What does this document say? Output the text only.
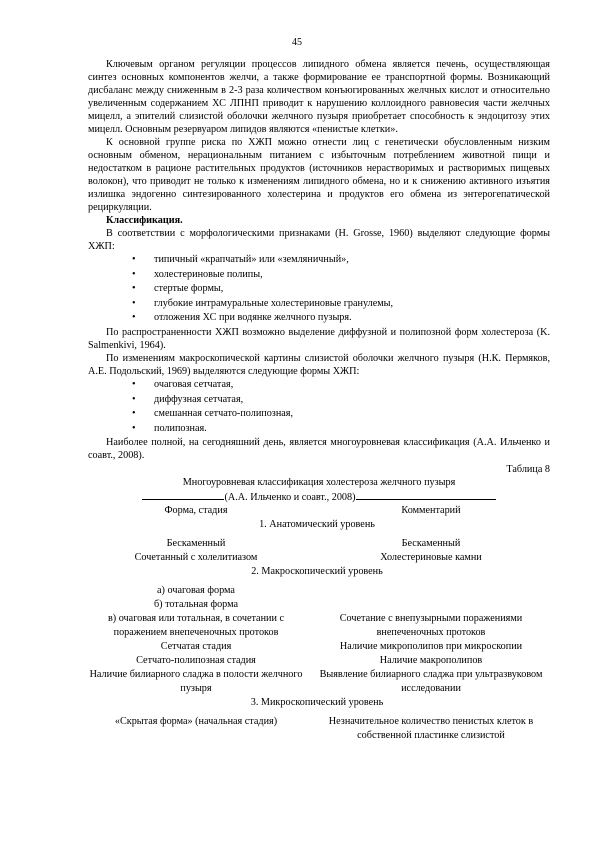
45

Ключевым органом регуляции процессов липидного обмена является печень, осуществляющая синтез основных компонентов желчи, а также формирование ее транспортной формы. Возникающий дисбаланс между сниженным в 2-3 раза количеством конъюгированных желчных кислот и относительно увеличенным содержанием ХС ЛПНП приводит к нарушению коллоидного равновесия части желчных мицелл, а эпителий слизистой оболочки желчного пузыря приобретает способность к эндоцитозу этих мицелл. Основным резервуаром липидов являются «пенистые клетки».

К основной группе риска по ХЖП можно отнести лиц с генетически обусловленным низким основным обменом, нерациональным питанием с избыточным потреблением животной пищи и недостатком в рационе растительных продуктов (источников нерастворимых и растворимых пищевых волокон), что приводит не только к изменениям липидного обмена, но и к снижению активного изъятия излишка эндогенно синтезированного холестерина и продуктов его обмена из энтерогепатической рециркуляции.

Классификация.

В соответствии с морфологическими признаками (H. Grosse, 1960) выделяют следующие формы ХЖП:

• типичный «крапчатый» или «земляничный»,
• холестериновые полипы,
• стертые формы,
• глубокие интрамуральные холестериновые гранулемы,
• отложения ХС при водянке желчного пузыря.

По распространенности ХЖП возможно выделение диффузной и полипозной форм холестероза (K. Salmenkivi, 1964).

По изменениям макроскопической картины слизистой оболочки желчного пузыря (Н.К. Пермяков, А.Е. Подольский, 1969) выделяются следующие формы ХЖП:

• очаговая сетчатая,
• диффузная сетчатая,
• смешанная сетчато-полипозная,
• полипозная.

Наиболее полной, на сегодняшний день, является многоуровневая классификация (А.А. Ильченко и соавт., 2008).

Таблица 8
Многоуровневая классификация холестероза желчного пузыря
(А.А. Ильченко и соавт., 2008)
Форма, стадия	Комментарий
1. Анатомический уровень	

Бескаменный	Бескаменный
Сочетанный с холелитиазом	Холестериновые камни
2. Макроскопический уровень	

а) очаговая форма	
б) тотальная форма	
в) очаговая или тотальная, в сочетании с поражением внепеченочных протоков	Сочетание с внепузырными поражениями внепеченочных протоков
Сетчатая стадия	Наличие микрополипов при микроскопии
Сетчато-полипозная стадия	Наличие макрополипов
Наличие билиарного сладжа в полости желчного пузыря	Выявление билиарного сладжа при ультразвуковом исследовании
3. Микроскопический уровень	

«Скрытая форма» (начальная стадия)	Незначительное количество пенистых клеток в собственной пластинке слизистой
